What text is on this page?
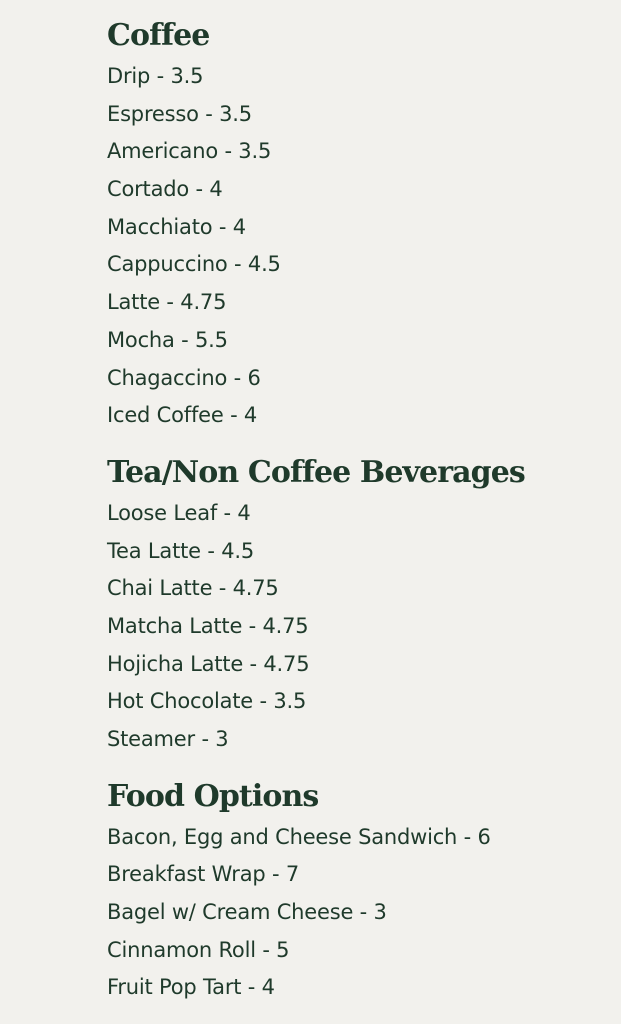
Coffee
Drip - 3.5
Espresso - 3.5
Americano - 3.5
Cortado - 4
Macchiato - 4
Cappuccino - 4.5
Latte - 4.75
Mocha - 5.5
Chagaccino - 6
Iced Coffee - 4
Tea/Non Coffee Beverages
Loose Leaf - 4
Tea Latte - 4.5
Chai Latte - 4.75
Matcha Latte - 4.75
Hojicha Latte - 4.75
Hot Chocolate - 3.5
Steamer - 3
Food Options
Bacon, Egg and Cheese Sandwich - 6
Breakfast Wrap - 7
Bagel w/ Cream Cheese - 3
Cinnamon Roll - 5
Fruit Pop Tart - 4
